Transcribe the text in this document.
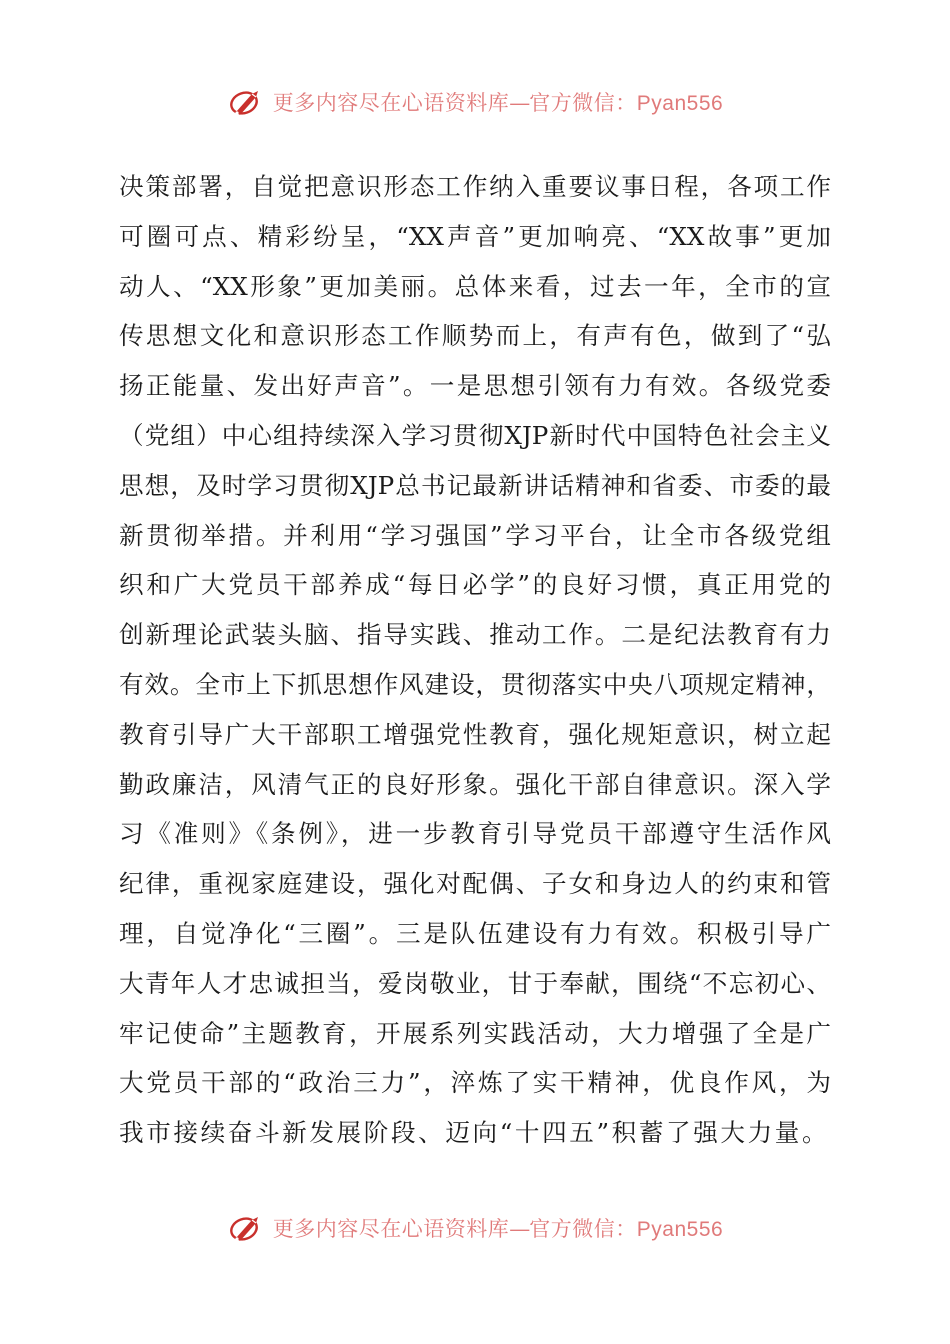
更多内容尽在心语资料库—官方微信：Pyan556
决策部署，自觉把意识形态工作纳入重要议事日程，各项工作
可圈可点、精彩纷呈，“XX声音”更加响亮、“XX故事”更加
动人、“XX形象”更加美丽。总体来看，过去一年，全市的宣
传思想文化和意识形态工作顺势而上，有声有色，做到了“弘
扬正能量、发出好声音”。一是思想引领有力有效。各级党委
（党组）中心组持续深入学习贯彻XJP新时代中国特色社会主义
思想，及时学习贯彻XJP总书记最新讲话精神和省委、市委的最
新贯彻举措。并利用“学习强国”学习平台，让全市各级党组
织和广大党员干部养成“每日必学”的良好习惯，真正用党的
创新理论武装头脑、指导实践、推动工作。二是纪法教育有力
有效。全市上下抓思想作风建设，贯彻落实中央八项规定精神，
教育引导广大干部职工增强党性教育，强化规矩意识，树立起
勤政廉洁，风清气正的良好形象。强化干部自律意识。深入学
习《准则》《条例》，进一步教育引导党员干部遵守生活作风
纪律，重视家庭建设，强化对配偶、子女和身边人的约束和管
理，自觉净化“三圈”。三是队伍建设有力有效。积极引导广
大青年人才忠诚担当，爱岗敬业，甘于奉献，围绕“不忘初心、
牢记使命”主题教育，开展系列实践活动，大力增强了全是广
大党员干部的“政治三力”，淬炼了实干精神，优良作风，为
我市接续奋斗新发展阶段、迈向“十四五”积蓄了强大力量。
更多内容尽在心语资料库—官方微信：Pyan556
